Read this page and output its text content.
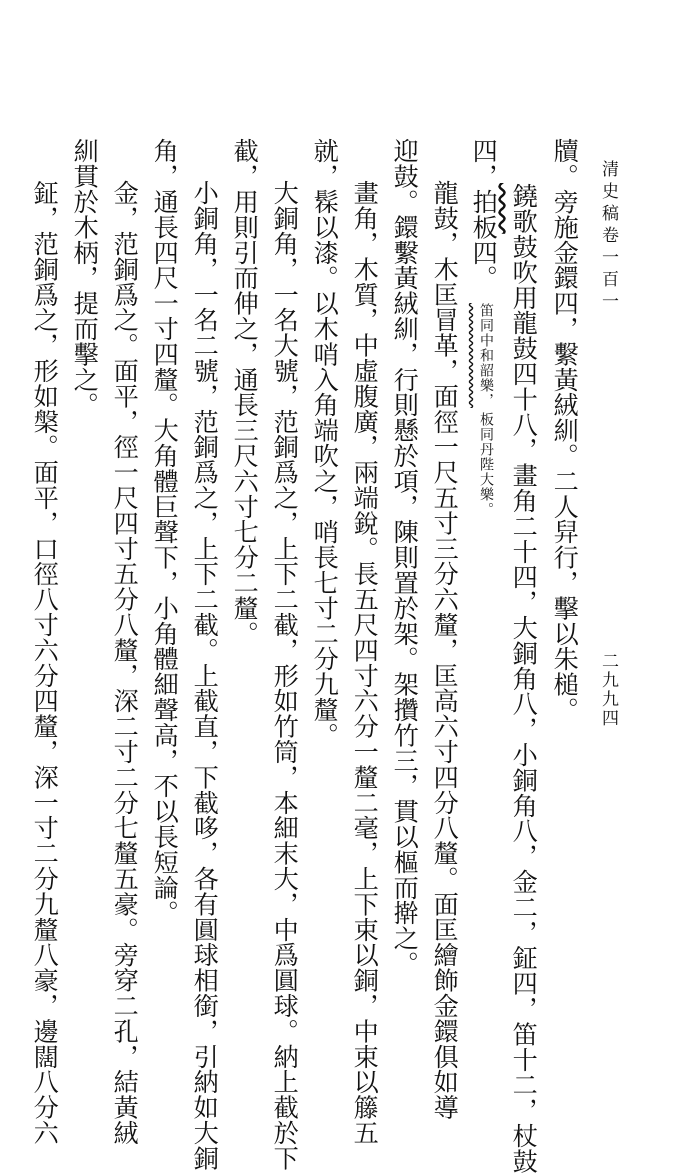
清史稿卷一百一
牘。旁施金鐶四，繫黃絨紃。二人舁行，擊以朱槌。
鐃歌鼓吹用龍鼓四十八，畫角二十四，大銅角八，小銅角八，金二，鉦四，笛十二，杖鼓
四，拍板四。
笛同中和韶樂，
板同丹陛大樂。
龍鼓，木匡冒革，面徑一尺五寸三分六釐，匡高六寸四分八釐。面匡繪飾金鐶俱如導
迎鼓。鐶繫黃絨紃，行則懸於項，陳則置於架。架攢竹三，貫以樞而擀之。
畫角，木質，中虛腹廣，兩端銳。長五尺四寸六分一釐二毫，上下束以銅，中束以籐五
就，髹以漆。以木哨入角端吹之，哨長七寸二分九釐。
大銅角，一名大號，范銅爲之，上下二截，形如竹筒，本細末大，中爲圓球。納上截於下
截，用則引而伸之，通長三尺六寸七分二釐。
小銅角，一名二號，范銅爲之，上下二截。上截直，下截哆，各有圓球相銜，引納如大銅
角，通長四尺一寸四釐。大角體巨聲下，小角體細聲高，不以長短論。
金，范銅爲之。面平，徑一尺四寸五分八釐，深二寸二分七釐五豪。旁穿二孔，結黃絨
紃貫於木柄，提而擊之。
鉦，范銅爲之，形如槃。面平，口徑八寸六分四釐，深一寸二分九釐八豪，邊闊八分六	二九九四
